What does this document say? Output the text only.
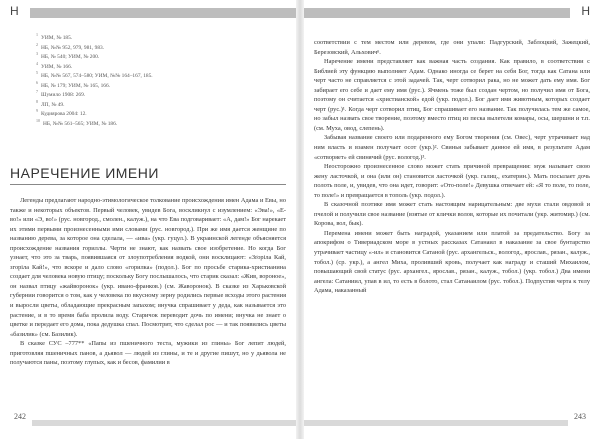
Н
$^1$УИМ, № 185.
$^2$НБ, №№ 952, 979, 981, 983.
$^3$НБ, № 540; УИМ, № 200.
$^4$УИМ, № 166.
$^5$НБ, №№ 567, 574–580; УИМ, №№ 164–167, 185.
$^6$НБ, № 179; УИМ, № 165, 166.
$^7$Шумило 1908: 269.
$^8$ЛП, № 49.
$^9$Кудиярова 2004: 12.
$^{10}$НБ, №№ 561–565; УИМ, № 186.
НАРЕЧЕНИЕ ИМЕНИ

Легенды предлагают народно-этимологическое толкование происхождения имен Адама и Евы, но также и некоторых объектов. Первый человек, увидев Бога, воскликнул с изумлением: «Эва!», «Е-во!» или «Э, во!» (рус. новгород., смолен., калуж.), на что Ева подговаривает: «А, дам!» Бог нарекает их этими первыми произнесенными ими словами (рус. новгород.). При же имя дается женщине по названию дерева, за которое она сделала, — «ива» (укр. гуцул.). В украинской легенде объясняется происхождение названия гориллы. Черти не знают, как назвать свое изобретение. Но когда Бог узнает, что это за тварь, появившаяся от злоупотребления водкой, они восклицают: «Зґоріла Кай, згоріла Кай!», что вскоре и дало слово «горилка» (подол.). Бог по просьбе старика-христианина создает для человека новую птицу; поскольку Богу послышалось, что старик сказал: «Жив, вороное», он назвал птицу «жайворонок» (укр. ивано-франков.) (см. Жаворонок). В сказке из Харьковской губернии говорится о том, как у человека по вкусному зерну родились первые всходы этого растения и выросли цветы, обладающие прекрасным запахом; внучка спрашивает у деда, как называется это растение, и в то время баба пролила воду. Старичок переводит дочь по имени; внучка не знает о цветке и передает его дома, пока дедушка спал. Посмотрит, что сделал рос — и так появились цветы «базилик» (см. Базилик).

В сказке СУС –777** «Папы из пшеничного теста, мужики из глины» Бог лепит людей, приготовляя пшеничных панов, а дьявол — людей из глины, и те и другие пишут, но у дьявола не получаются паны, поэтому глупых, как и бесов, фамилии в

242
Н

соответствии с тем местом или деревом, где они упали: Падгурский, Заблоцкий, Зажецкий, Березовский, Альховичⁿ.

Наречение имени представляет как важная часть создания. Как правило, в соответствии с Библией эту функцию выполняет Адам. Однако иногда се берет на себя Бог, тогда как Сатана или черт часто не справляется с этой задачей. Так, черт сотворил рака, но не может дать ему имя. Бог забирает его себе и дает ему имя (рус.). Ячмень тоже был создан чертом, но получил имя от Бога, поэтому он считается «христианской» едой (укр. подол.). Бог дает имя животным, которых создает черт (рус.)¹. Когда черт сотворил птиц, Бог спрашивает его название. Так получилась тем же самое, но забыл назвать свое творение, поэтому вместо птиц из песка вылетели комары, осы, шершни и т.п. (см. Муха, овод, слепень).

Забывая название своего или подаренного ему Богом творения (см. Овес), черт утрачивает над ним власть и взамен получает осот (укр.)². Свинья забывает данное ей имя, в результате Адам «сотворяет» ей свинячий (рус. вологод.)³.

Неосторожно произнесенное слово может стать причиной превращения: муж называет свою жену ласточкой, и она (или он) становится ласточкой (укр. галиц., ехатерин.). Мать посылает дочь полоть поле, и, увидев, что она идет, говорит: «Ото-поле!» Девушка отвечает ей: «Я то поле, то поле, то поле!» и превращается в тополь (укр. подол.).

В сказочной поэтике имя может стать настоящим нарицательным: две мухи стали овдовой и пчелой и получили свое название (взятые от клички волов, которые их почитали (укр. житомир.) (см. Корова, вол, бык).

Перемена имени может быть наградой, указанием или платой за предательство. Богу за апокрифом о Тивериадском море в устных рассказах Сатанаил в наказание за свое бунтарство утрачивает частицу «-ил» и становится Сатаной (рус. архангельск., вологод., ярослав., рязан., калуж., тобол.) (ср. укр.), а ангел Миха, проливший кровь, получает как награду и сташий Михаилом, повышающий свой статус (рус. архангел., ярослав., рязан., калуж., тобол.) (укр. тобол.) Два имени ангела: Сатаниил, упав в ил, то есть в болото, стал Сатанаилом (рус. тобол.). Подпустив черта к телу Адама, наказанный

243
